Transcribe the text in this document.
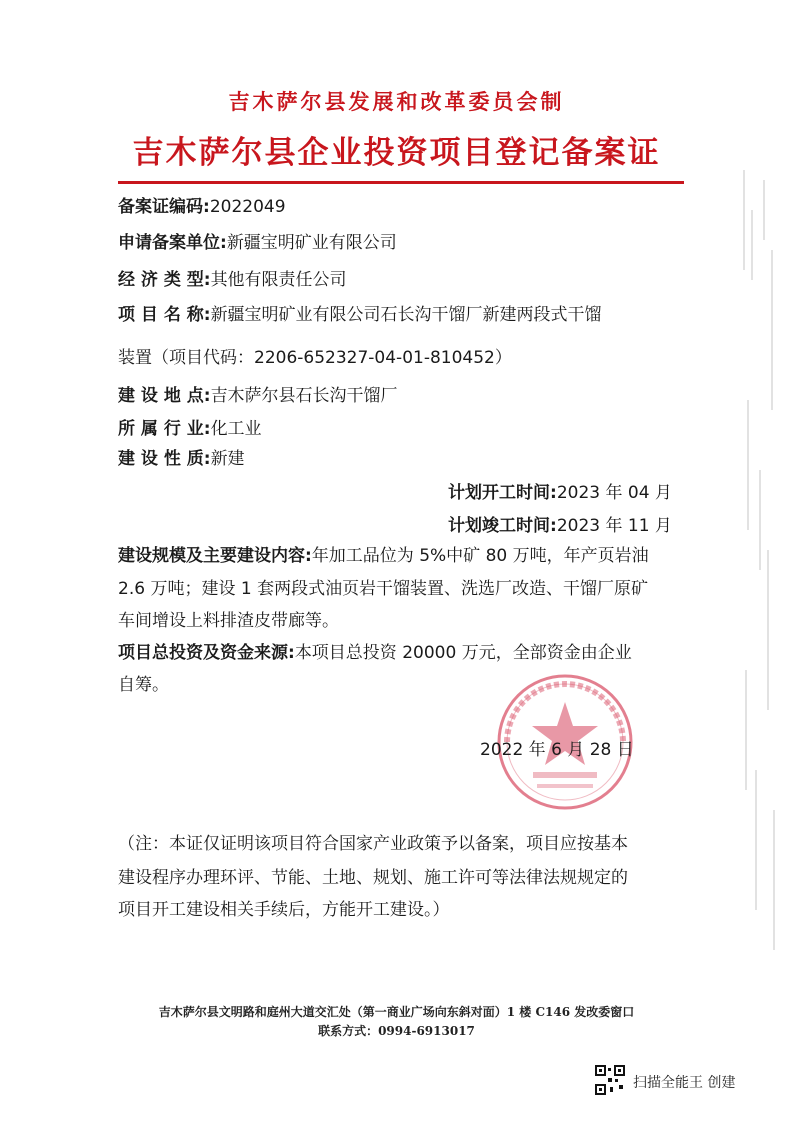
吉木萨尔县发展和改革委员会制
吉木萨尔县企业投资项目登记备案证
备案证编码:2022049
申请备案单位:新疆宝明矿业有限公司
经 济 类 型:其他有限责任公司
项 目 名 称:新疆宝明矿业有限公司石长沟干馏厂新建两段式干馏
装置（项目代码：2206-652327-04-01-810452）
建 设 地 点:吉木萨尔县石长沟干馏厂
所 属 行 业:化工业
建 设 性 质:新建
计划开工时间:2023 年 04 月
计划竣工时间:2023 年 11 月
建设规模及主要建设内容:年加工品位为 5%中矿 80 万吨，年产页岩油
2.6 万吨；建设 1 套两段式油页岩干馏装置、洗选厂改造、干馏厂原矿
车间增设上料排渣皮带廊等。
项目总投资及资金来源:本项目总投资 20000 万元，全部资金由企业
自筹。
2022 年 6 月 28 日
（注：本证仅证明该项目符合国家产业政策予以备案，项目应按基本
建设程序办理环评、节能、土地、规划、施工许可等法律法规规定的
项目开工建设相关手续后，方能开工建设。）
吉木萨尔县文明路和庭州大道交汇处（第一商业广场向东斜对面）1 楼 C146 发改委窗口
联系方式：0994-6913017
扫描全能王 创建
